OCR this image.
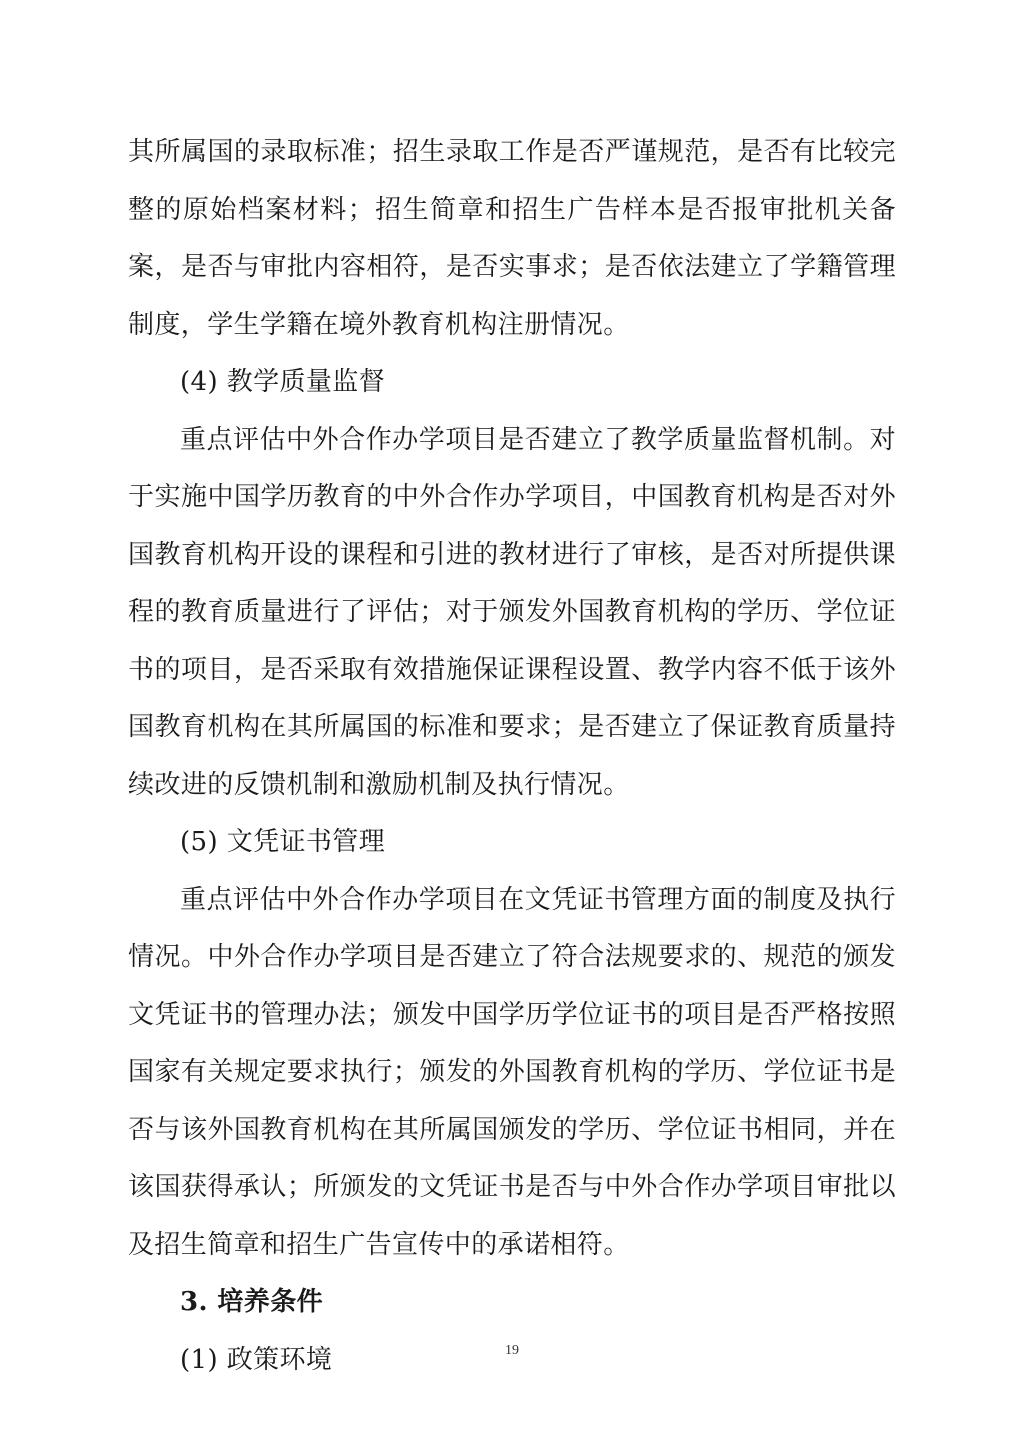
其所属国的录取标准；招生录取工作是否严谨规范，是否有比较完整的原始档案材料；招生简章和招生广告样本是否报审批机关备案，是否与审批内容相符，是否实事求；是否依法建立了学籍管理制度，学生学籍在境外教育机构注册情况。

(4) 教学质量监督

重点评估中外合作办学项目是否建立了教学质量监督机制。对于实施中国学历教育的中外合作办学项目，中国教育机构是否对外国教育机构开设的课程和引进的教材进行了审核，是否对所提供课程的教育质量进行了评估；对于颁发外国教育机构的学历、学位证书的项目，是否采取有效措施保证课程设置、教学内容不低于该外国教育机构在其所属国的标准和要求；是否建立了保证教育质量持续改进的反馈机制和激励机制及执行情况。

(5) 文凭证书管理

重点评估中外合作办学项目在文凭证书管理方面的制度及执行情况。中外合作办学项目是否建立了符合法规要求的、规范的颁发文凭证书的管理办法；颁发中国学历学位证书的项目是否严格按照国家有关规定要求执行；颁发的外国教育机构的学历、学位证书是否与该外国教育机构在其所属国颁发的学历、学位证书相同，并在该国获得承认；所颁发的文凭证书是否与中外合作办学项目审批以及招生简章和招生广告宣传中的承诺相符。

3. 培养条件

(1) 政策环境	19
